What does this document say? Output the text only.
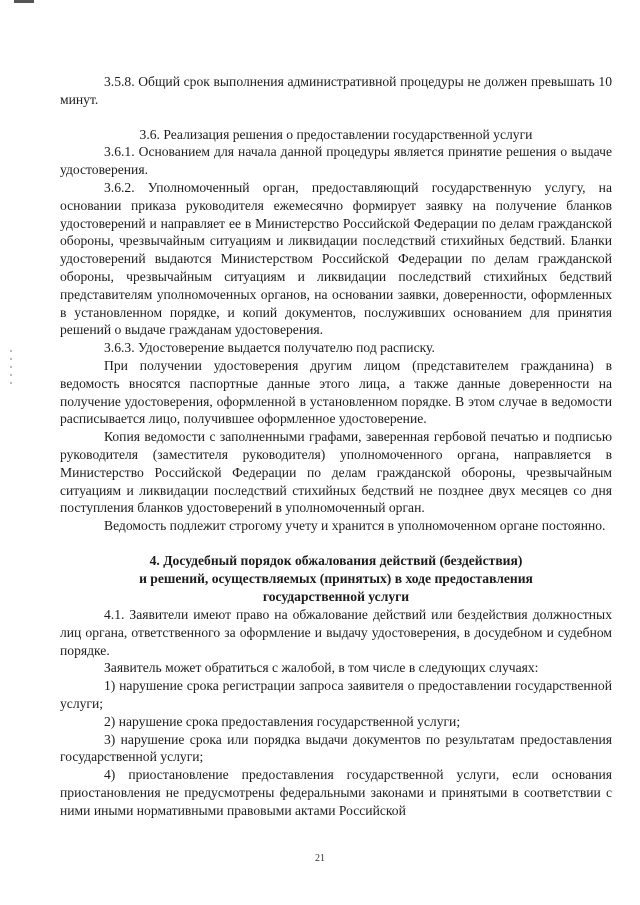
3.5.8. Общий срок выполнения административной процедуры не должен превышать 10 минут.

3.6. Реализация решения о предоставлении государственной услуги

3.6.1. Основанием для начала данной процедуры является принятие решения о выдаче удостоверения.

3.6.2. Уполномоченный орган, предоставляющий государственную услугу, на основании приказа руководителя ежемесячно формирует заявку на получение бланков удостоверений и направляет ее в Министерство Российской Федерации по делам гражданской обороны, чрезвычайным ситуациям и ликвидации последствий стихийных бедствий. Бланки удостоверений выдаются Министерством Российской Федерации по делам гражданской обороны, чрезвычайным ситуациям и ликвидации последствий стихийных бедствий представителям уполномоченных органов, на основании заявки, доверенности, оформленных в установленном порядке, и копий документов, послуживших основанием для принятия решений о выдаче гражданам удостоверения.

3.6.3. Удостоверение выдается получателю под расписку.

При получении удостоверения другим лицом (представителем гражданина) в ведомость вносятся паспортные данные этого лица, а также данные доверенности на получение удостоверения, оформленной в установленном порядке. В этом случае в ведомости расписывается лицо, получившее оформленное удостоверение.

Копия ведомости с заполненными графами, заверенная гербовой печатью и подписью руководителя (заместителя руководителя) уполномоченного органа, направляется в Министерство Российской Федерации по делам гражданской обороны, чрезвычайным ситуациям и ликвидации последствий стихийных бедствий не позднее двух месяцев со дня поступления бланков удостоверений в уполномоченный орган.

Ведомость подлежит строгому учету и хранится в уполномоченном органе постоянно.

4. Досудебный порядок обжалования действий (бездействия)
и решений, осуществляемых (принятых) в ходе предоставления
государственной услуги

4.1. Заявители имеют право на обжалование действий или бездействия должностных лиц органа, ответственного за оформление и выдачу удостоверения, в досудебном и судебном порядке.

Заявитель может обратиться с жалобой, в том числе в следующих случаях:

1) нарушение срока регистрации запроса заявителя о предоставлении государственной услуги;

2) нарушение срока предоставления государственной услуги;

3) нарушение срока или порядка выдачи документов по результатам предоставления государственной услуги;

4) приостановление предоставления государственной услуги, если основания приостановления не предусмотрены федеральными законами и принятыми в соответствии с ними иными нормативными правовыми актами Российской

21
